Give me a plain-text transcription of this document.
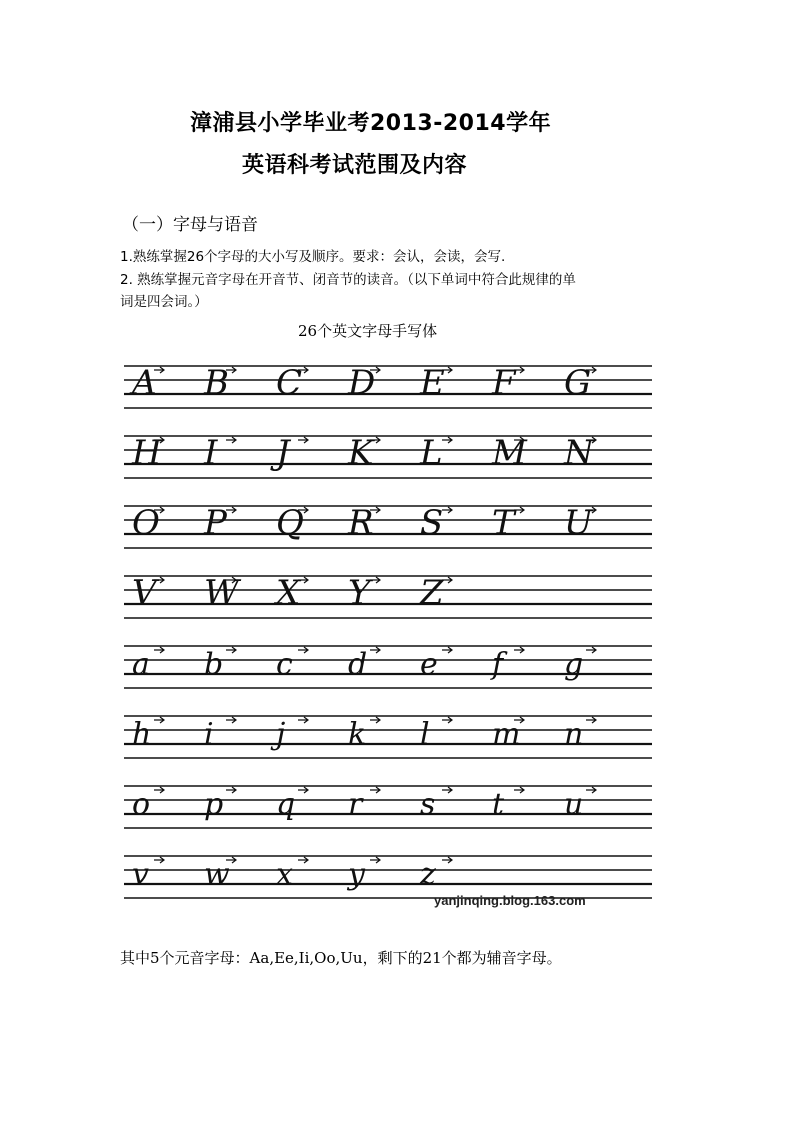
漳浦县小学毕业考2013-2014学年
英语科考试范围及内容
（一）字母与语音
1.熟练掌握26个字母的大小写及顺序。要求：会认，会读，会写.
2. 熟练掌握元音字母在开音节、闭音节的读音。（以下单词中符合此规律的单
词是四会词。）
26个英文字母手写体
A B C D E F G
H I J K L M N
O P Q R S T U
V W X Y Z
a b c d e f g
h i j k l m n
o p q r s t u
v w x y z
yanjinqing.blog.163.com
其中5个元音字母：Aa,Ee,Ii,Oo,Uu，剩下的21个都为辅音字母。
